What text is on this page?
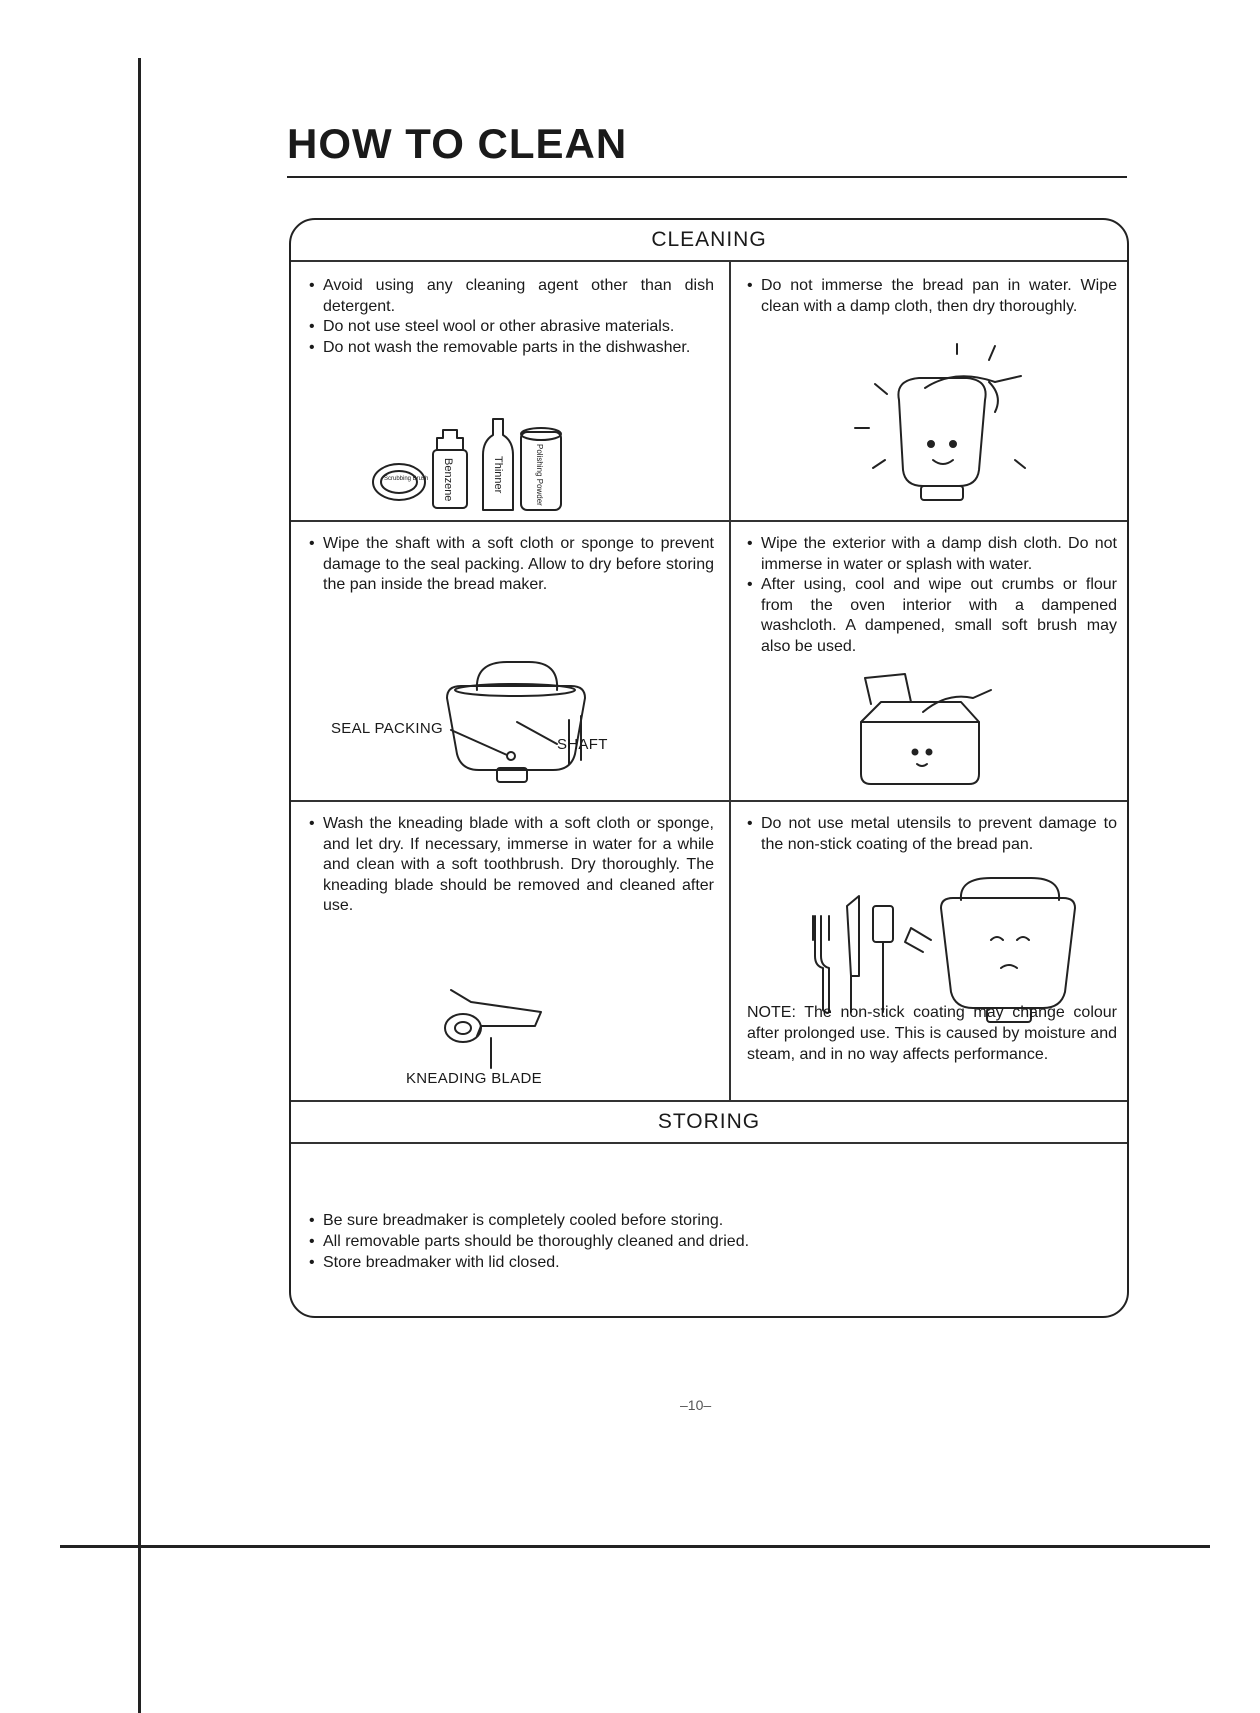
HOW TO CLEAN
CLEANING
STORING
• Avoid using any cleaning agent other than dish detergent.
• Do not use steel wool or other abrasive materials.
• Do not wash the removable parts in the dishwasher.
Scrubbing Brush Benzene	Thinner	Polishing Powder
• Do not immerse the bread pan in water. Wipe clean with a damp cloth, then dry thoroughly.
• Wipe the shaft with a soft cloth or sponge to prevent damage to the seal packing. Allow to dry before storing the pan inside the bread maker.
SEAL PACKING
SHAFT
• Wipe the exterior with a damp dish cloth. Do not immerse in water or splash with water.
• After using, cool and wipe out crumbs or flour from the oven interior with a dampened washcloth. A dampened, small soft brush may also be used.
• Wash the kneading blade with a soft cloth or sponge, and let dry. If necessary, immerse in water for a while and clean with a soft toothbrush. Dry thoroughly. The kneading blade should be removed and cleaned after use.
KNEADING BLADE
• Do not use metal utensils to prevent damage to the non-stick coating of the bread pan.

NOTE: The non-stick coating may change colour after prolonged use. This is caused by moisture and steam, and in no way affects performance.

• Be sure breadmaker is completely cooled before storing.
• All removable parts should be thoroughly cleaned and dried.
• Store breadmaker with lid closed.
–10–
